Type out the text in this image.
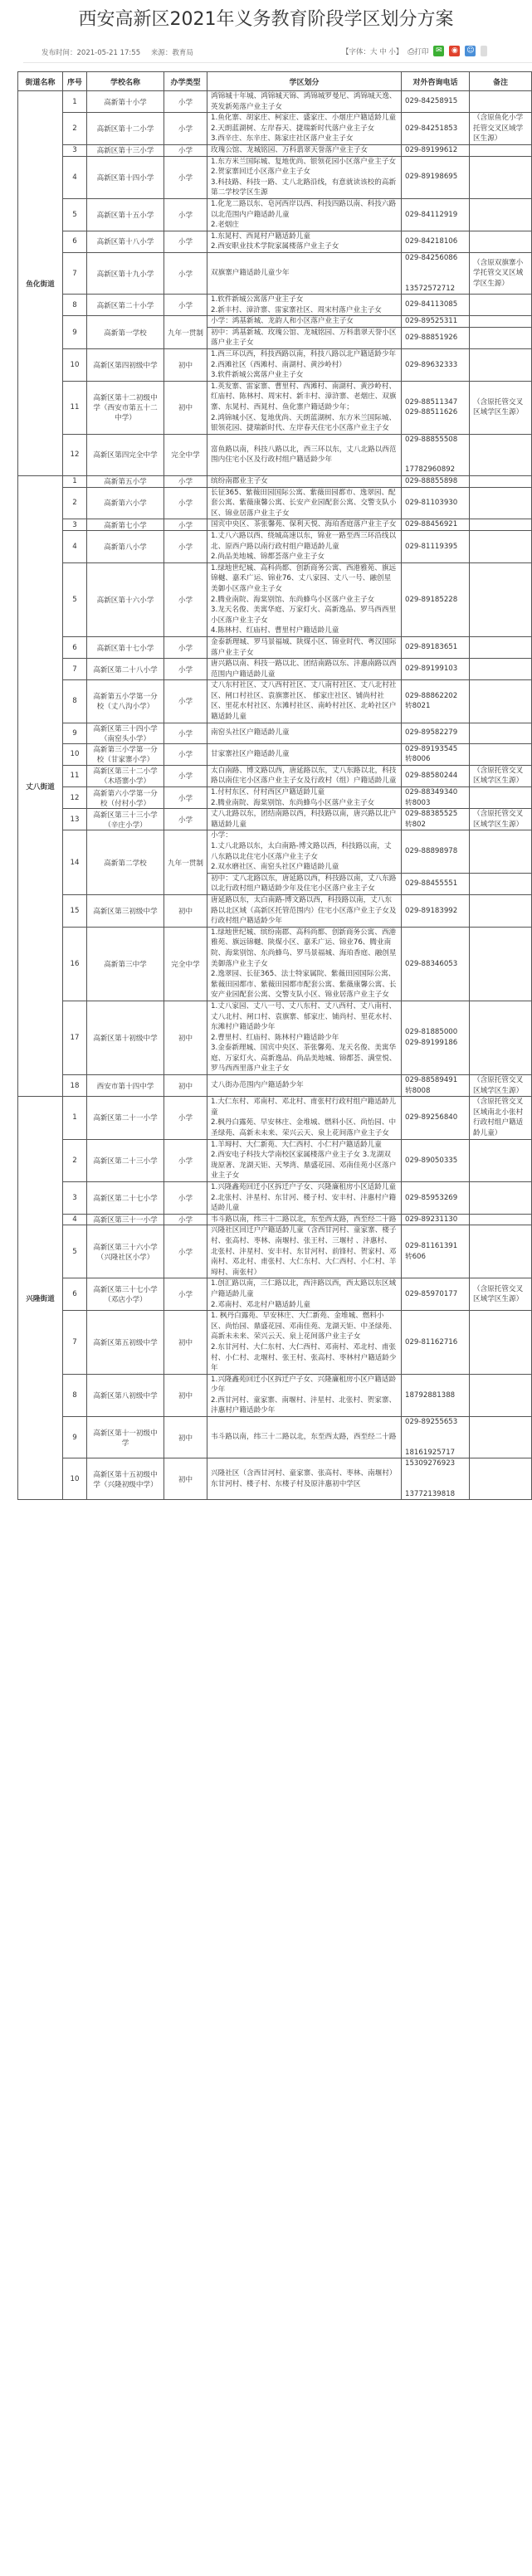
西安高新区2021年义务教育阶段学区划分方案
发布时间：2021-05-21 17:55 来源：教育局	【字体：大 中 小】 ⎙打印 ✉	◉ ☺
街道名称	序号	学校名称	办学类型	学区划分	对外咨询电话	备注
鱼化街道	1	高新第十小学	小学	鸿锦城十年城、鸿锦城天锦、鸿锦城罗曼尼、鸿锦城天逸、英发新苑落户业主子女	029-84258915	

	2	高新区第十二小学	小学	1.鱼化寨、胡家庄、柯家庄、盛家庄、小烟庄户籍适龄儿童
2.天朗蓝湖树、左岸春天、捷瑞新时代落户业主子女
3.西辛庄、东辛庄、陈家庄社区落户业主子女	029-84251853	（含原鱼化小学托管交叉区域学区生源）
	3	高新区第十三小学	小学	玫瑰公馆、龙城铭园、万科翡翠天誉落户业主子女	029-89199612	

	4	高新区第十四小学	小学	1.东方米兰国际城、复地优尚、银领花园小区落户业主子女
2.贺家寨回迁小区落户业主子女
3.科技路、科技一路、丈八北路沿线，有意就读该校的高新第二学校学区生源	029-89198695	

	5	高新区第十五小学	小学	1.化龙二路以东、皂河西岸以西、科技四路以南、科技六路以北范围内户籍适龄儿童
2.老烟庄	029-84112919	

	6	高新区第十八小学	小学	1.东晁村、西晁村户籍适龄儿童
2.西安职业技术学院家属楼落户业主子女	029-84218106	

	7	高新区第十九小学	小学	双旗寨户籍适龄儿童少年	029-84256086
13572572712	（含原双旗寨小学托管交叉区域学区生源）
	8	高新区第二十小学	小学	1.软件新城公寓落户业主子女
2.新丰村、漳浒寨、雷家寨社区、周宋村落户业主子女	029-84113085	

	9	高新第一学校	九年一贯制	小学：鸿基新城、龙韵人和小区落户业主子女	029-89525311	

				初中：鸿基新城、玫瑰公馆、龙城铭园、万科翡翠天誉小区落户业主子女	029-88851926	

	10	高新区第四初级中学	初中	1.西三环以西，科技西路以南，科技八路以北户籍适龄少年
2.西滩社区（西滩村、南湖村、黄沙岭村）
3.软件新城公寓落户业主子女	029-89632333	

	11	高新区第十二初级中学（西安市第五十二中学）	初中	1.英发寨、雷家寨、曹里村、西滩村、南湖村、黄沙岭村、红庙村、陈林村、周宋村、新丰村、漳浒寨、老烟庄、双旗寨、东晁村、西晁村、鱼化寨户籍适龄少年；
2.鸿锦城小区、复地优尚、天朗蓝湖树、东方米兰国际城、银领花园、捷瑞新时代、左岸春天住宅小区落户业主子女	029-88511347
029-88511626	（含原托管交叉区域学区生源）
	12	高新区第四完全中学	完全中学	富鱼路以南，科技八路以北，西三环以东，丈八北路以西范围内住宅小区及行政村组户籍适龄少年	029-88855508
17782960892	

丈八街道	1	高新第五小学	小学	缤纷南郡业主子女	029-88855898	

	2	高新第六小学	小学	长征365、紫薇田园国际公寓、紫薇田园都市、逸翠园、配套公寓、紫薇康馨公寓、长安产业园配套公寓、交警支队小区、锦业居落户业主子女	029-81103930	

	3	高新第七小学	小学	国宾中央区、茶张馨苑、保利天悦、海珀香庭落户业主子女	029-88456921	

	4	高新第八小学	小学	1.丈八六路以西、绕城高速以东，锦业一路至西三环沿线以北、原西户路以南行政村组户籍适龄儿童
2.尚品美地城、锦都荟落户业主子女	029-81119395	

	5	高新区第十六小学	小学	1.绿地世纪城、高科尚都、创新商务公寓、西港雅苑、旗远锦樾、嘉禾广运、锦业76、丈八家园、丈八一号、融创星美御小区落户业主子女
2.腾业南院、海棠别馆、东尚蜂鸟小区落户业主子女
3.龙天名俊、美寓华庭、万家灯火、高新逸品、罗马西西里小区落户业主子女
4.陈林村、红庙村、曹里村户籍适龄儿童	029-89185228	

	6	高新区第十七小学	小学	金泰新理城、罗马景福城、陕煤小区、锦业时代、粤汉国际落户业主子女	029-89183651	

	7	高新区第二十八小学	小学	唐兴路以南、科技一路以北、团结南路以东、沣惠南路以西范围内户籍适龄儿童	029-89199103	

	8	高新第五小学第一分校（丈八沟小学）	小学	丈八东村社区、丈八西村社区、丈八南村社区、丈八北村社区、闸口村社区、袁旗寨社区、 郁家庄社区、铺尚村社区、里花水村社区、东滩村社区、南岭村社区、北岭社区户籍适龄儿童	029-88862202
转8021	

	9	高新区第三十四小学（南窑头小学）	小学	南窑头社区户籍适龄儿童	029-89582279	

	10	高新第三小学第一分校（甘家寨小学）	小学	甘家寨社区户籍适龄儿童	029-89193545
转8006	

	11	高新区第三十二小学（木塔寨小学）	小学	太白南路、博文路以西，唐延路以东，丈八东路以北，科技路以南住宅小区落户业主子女及行政村（组）户籍适龄儿童	029-88580244	（含原托管交叉区域学区生源）
	12	高新第六小学第一分校（付村小学）	小学	1.付村东区、付村西区户籍适龄儿童
2.腾业南院、海棠别馆、东尚蜂鸟小区落户业主子女	029-88349340
转8003	

	13	高新区第三十三小学（辛庄小学）	小学	丈八北路以东，团结南路以西，科技路以南，唐兴路以北户籍适龄儿童	029-88385525
转802	（含原托管交叉区域学区生源）
	14	高新第二学校	九年一贯制	小学：
1.丈八北路以东，太白南路-博文路以西，科技路以南，丈八东路以北住宅小区落户业主子女
2.双水磨社区、南窑头社区户籍适龄儿童	029-88898978	

				初中：丈八北路以东，唐延路以西，科技路以南，丈八东路以北行政村组户籍适龄少年及住宅小区落户业主子女	029-88455551	

	15	高新区第三初级中学	初中	唐延路以东，太白南路-博文路以西，科技路以南，丈八东路以北区域（高新区托管范围内）住宅小区落户业主子女及行政村组户籍适龄少年	029-89183992	

	16	高新第三中学	完全中学	1.绿地世纪城、缤纷南郡、高科尚都、创新商务公寓、西港雅苑、旗远锦樾、陕煤小区、嘉禾广运、锦业76、腾业南院、海棠别馆、东尚蜂鸟、罗马景福城、海珀香庭、融创星美御落户业主子女
2.逸翠园、长征365、法士特家属院、紫薇田园国际公寓、紫薇田园都市、紫薇田园都市配套公寓、紫薇康馨公寓、长安产业园配套公寓、交警支队小区、锦业居落户业主子女	029-88346053	

	17	高新区第十初级中学	初中	1.丈八家园、丈八一号、丈八东村、丈八西村、丈八南村、丈八北村、闸口村、袁旗寨、郁家庄、铺尚村、里花水村、东滩村户籍适龄少年
2.曹里村、红庙村、陈林村户籍适龄少年
3.金泰新理城、国宾中央区、茶张馨苑、龙天名俊、美寓华庭、万家灯火、高新逸品、尚品美地城、锦都荟、满堂悦、罗马西西里落户业主子女	029-81885000
029-89199186	

	18	西安市第十四中学	初中	丈八街办范围内户籍适龄少年	029-88589491
转8008	（含原托管交叉区域学区生源）
兴隆街道	1	高新区第二十一小学	小学	1.大仁东村、邓南村、邓北村、甫张村行政村组户籍适龄儿童
2.枫丹白露苑、早安林庄、金堆城、燃料小区、尚怡园、中圣绿苑、高新未未来、荣兴云天、泉上花间落户业主子女	029-89256840	（含原托管交叉区域南北小张村行政村组户籍适龄儿童）
	2	高新区第二十三小学	小学	1.羊坶村、大仁新苑、大仁西村、小仁村户籍适龄儿童
2.西安电子科技大学南校区家属楼落户业主子女 3.龙湖双珑原著、龙湖天钜、天琴湾、鼎盛花园、邓南佳苑小区落户业主子女	029-89050335	

	3	高新区第二十七小学	小学	1.兴隆鑫苑回迁小区拆迁户子女、兴隆廉租房小区适龄儿童
2.北张村、沣星村、东甘河、楼子村、安丰村、沣惠村户籍适龄儿童	029-85953269	

	4	高新区第三十一小学	小学	韦斗路以南，纬三十二路以北，东至西太路，西至经二十路	029-89231130	

	5	高新区第三十六小学（兴隆社区小学）	小学	兴隆社区回迁户户籍适龄儿童（含西甘河村、童家寨、楼子村、张高村、枣林、南堰村、张王村、三堰村 、沣惠村、北张村、沣星村、安丰村、东甘河村、前锋村、贺家村、邓南村、邓北村、甫张村、大仁东村、大仁西村、小仁村、羊坶村、南张村）	029-81161391
转606	

	6	高新区第三十七小学（邓店小学）	小学	1.创汇路以南，三仁路以北，西沣路以西，西太路以东区域户籍适龄儿童
2.邓南村、邓北村户籍适龄儿童	029-85970177	（含原托管交叉区域学区生源）
	7	高新区第五初级中学	初中	1. 枫丹白露苑、早安林庄、大仁新苑、金堆城、燃料小区、尚怡园、鼎盛花园、邓南佳苑、龙湖天钜、中圣绿苑、高新未未来、荣兴云天、泉上花间落户业主子女
2.东甘河村、大仁东村、大仁西村、邓南村、邓北村、甫张村、小仁村、北堰村、张王村、张高村、枣林村户籍适龄少年	029-81162716	

	8	高新区第八初级中学	初中	1.兴隆鑫苑回迁小区拆迁户子女、兴隆廉租房小区户籍适龄少年
2.西甘河村、童家寨、南堰村、沣星村、北张村、贺家寨、沣惠村户籍适龄少年	18792881388	

	9	高新区第十一初级中学	初中	韦斗路以南，纬三十二路以北，东至西太路，西至经二十路	029-89255653
18161925717	

	10	高新区第十五初级中学（兴隆初级中学）	初中	兴隆社区（含西甘河村、童家寨、张高村、枣林、南堰村）东甘河村、楼子村、东楼子村及原沣惠初中学区	15309276923
13772139818	
